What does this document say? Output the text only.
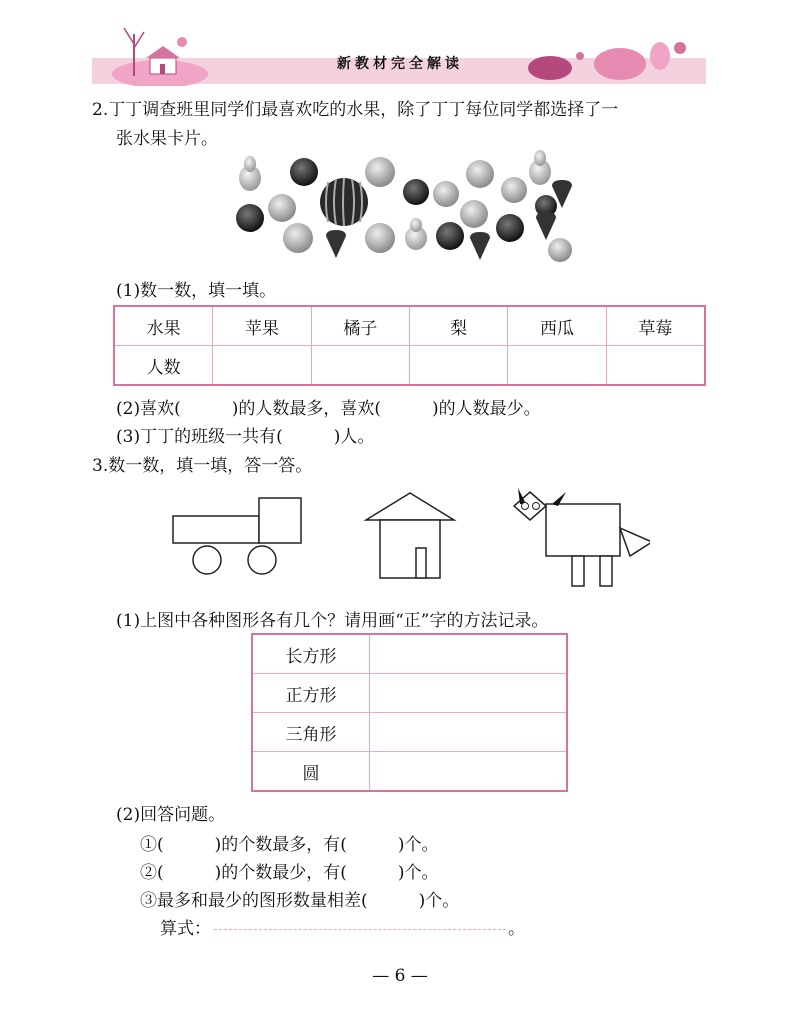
新教材完全解读
2.丁丁调查班里同学们最喜欢吃的水果，除了丁丁每位同学都选择了一
张水果卡片。
(1)数一数，填一填。
水果	苹果	橘子	梨	西瓜	草莓
人数					
(2)喜欢(　　　)的人数最多，喜欢(　　　)的人数最少。
(3)丁丁的班级一共有(　　　)人。
3.数一数，填一填，答一答。
(1)上图中各种图形各有几个？请用画“正”字的方法记录。
长方形	
正方形	
三角形	
圆	
(2)回答问题。
①(　　　)的个数最多，有(　　　)个。
②(　　　)的个数最少，有(　　　)个。
③最多和最少的图形数量相差(　　　)个。
算式：	。
— 6 —
